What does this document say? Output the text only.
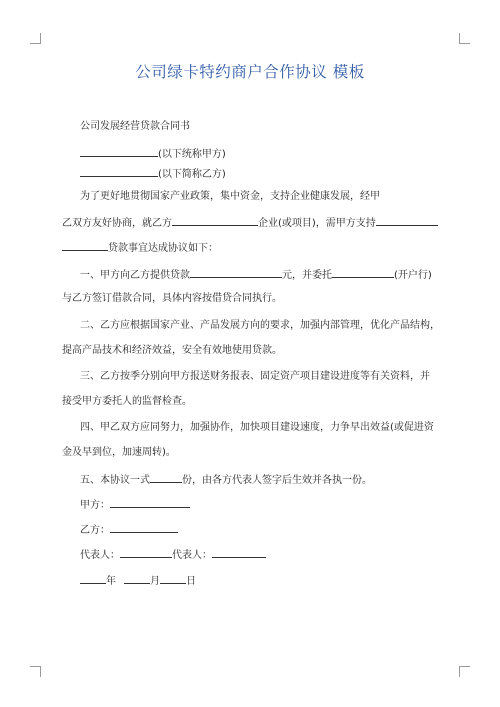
公司绿卡特约商户合作协议 模板
公司发展经营贷款合同书
(以下统称甲方)
(以下简称乙方)
为了更好地贯彻国家产业政策，集中资金，支持企业健康发展，经甲
乙双方友好协商，就乙方	企业(或项目)，需甲方支持
贷款事宜达成协议如下：
一、甲方向乙方提供贷款	元，并委托	(开户行)
与乙方签订借款合同，具体内容按借贷合同执行。
二、乙方应根据国家产业、产品发展方向的要求，加强内部管理，优化产品结构，
提高产品技术和经济效益，安全有效地使用贷款。
三、乙方按季分别向甲方报送财务报表、固定资产项目建设进度等有关资料，并
接受甲方委托人的监督检查。
四、甲乙双方应同努力，加强协作，加快项目建设速度，力争早出效益(或促进资
金及早到位，加速周转)。
五、本协议一式	份，由各方代表人签字后生效并各执一份。
甲方：
乙方：
代表人：	代表人：
年	月	日
